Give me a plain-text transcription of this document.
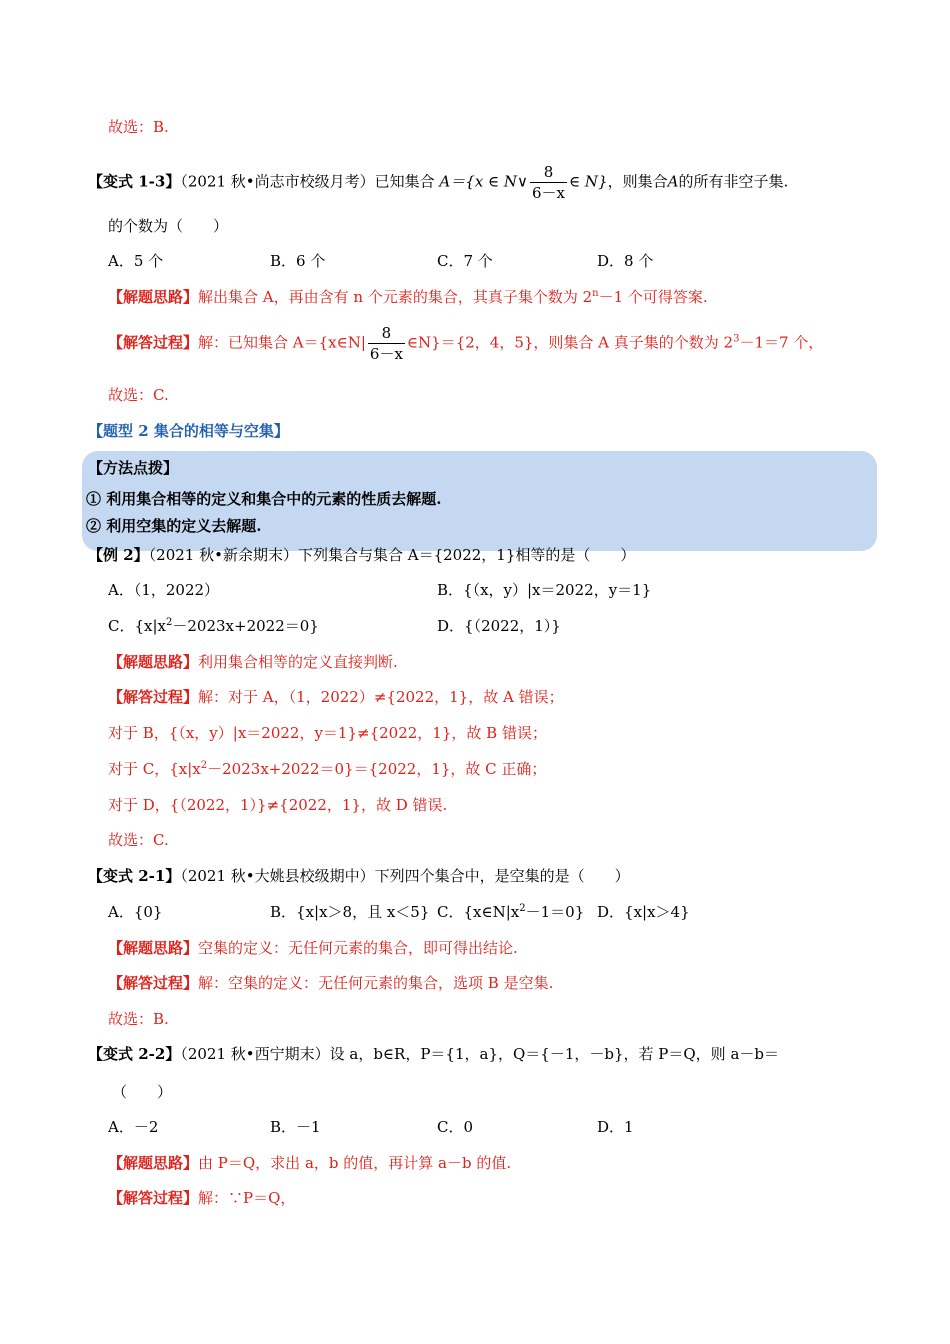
故选：B.
【变式 1-3】（2021 秋•尚志市校级月考）已知集合 A＝{x ∈ N∨ $\frac{8}{6-x}$ ∈ N}，则集合A的所有非空子集.
的个数为（　　）
A．5 个	B．6 个	C．7 个	D．8 个
【解题思路】解出集合 A，再由含有 n 个元素的集合，其真子集个数为 $2^n-1$ 个可得答案.
【解答过程】解：已知集合 A＝{x∈N| $\frac{8}{6-x}$ ∈N}＝{2，4，5}，则集合 A 真子集的个数为 $2^3-1=7$ 个，
故选：C.
【题型 2 集合的相等与空集】
【方法点拨】
① 利用集合相等的定义和集合中的元素的性质去解题.
② 利用空集的定义去解题.
【例 2】（2021 秋•新余期末）下列集合与集合 A＝{2022，1}相等的是（　　）
A．（1，2022）	B．{（x，y）|x＝2022，y＝1}
C．$\{x|x^2-2023x+2022=0\}$	D．{（2022，1）}
【解题思路】利用集合相等的定义直接判断.
【解答过程】解：对于 A，（1，2022）≠{2022，1}，故 A 错误；
对于 B，{（x，y）|x＝2022，y＝1}≠{2022，1}，故 B 错误；
对于 C，$\{x|x^2-2023x+2022=0\}=\{2022$，1}，故 C 正确；
对于 D，{（2022，1）}≠{2022，1}，故 D 错误.
故选：C.
【变式 2-1】（2021 秋•大姚县校级期中）下列四个集合中，是空集的是（　　）
A．{0}	B．{x|x＞8，且 x＜5} C．$\{x\in N|x^2-1=0\}$ D．{x|x＞4}
【解题思路】空集的定义：无任何元素的集合，即可得出结论.
【解答过程】解：空集的定义：无任何元素的集合，选项 B 是空集.
故选：B.
【变式 2-2】（2021 秋•西宁期末）设 a，b∈R，P＝{1，a}，Q＝{－1，－b}，若 P＝Q，则 a－b＝
（　　）
A．－2	B．－1	C．0	D．1
【解题思路】由 P＝Q，求出 a，b 的值，再计算 a－b 的值.
【解答过程】解：∵P＝Q，
